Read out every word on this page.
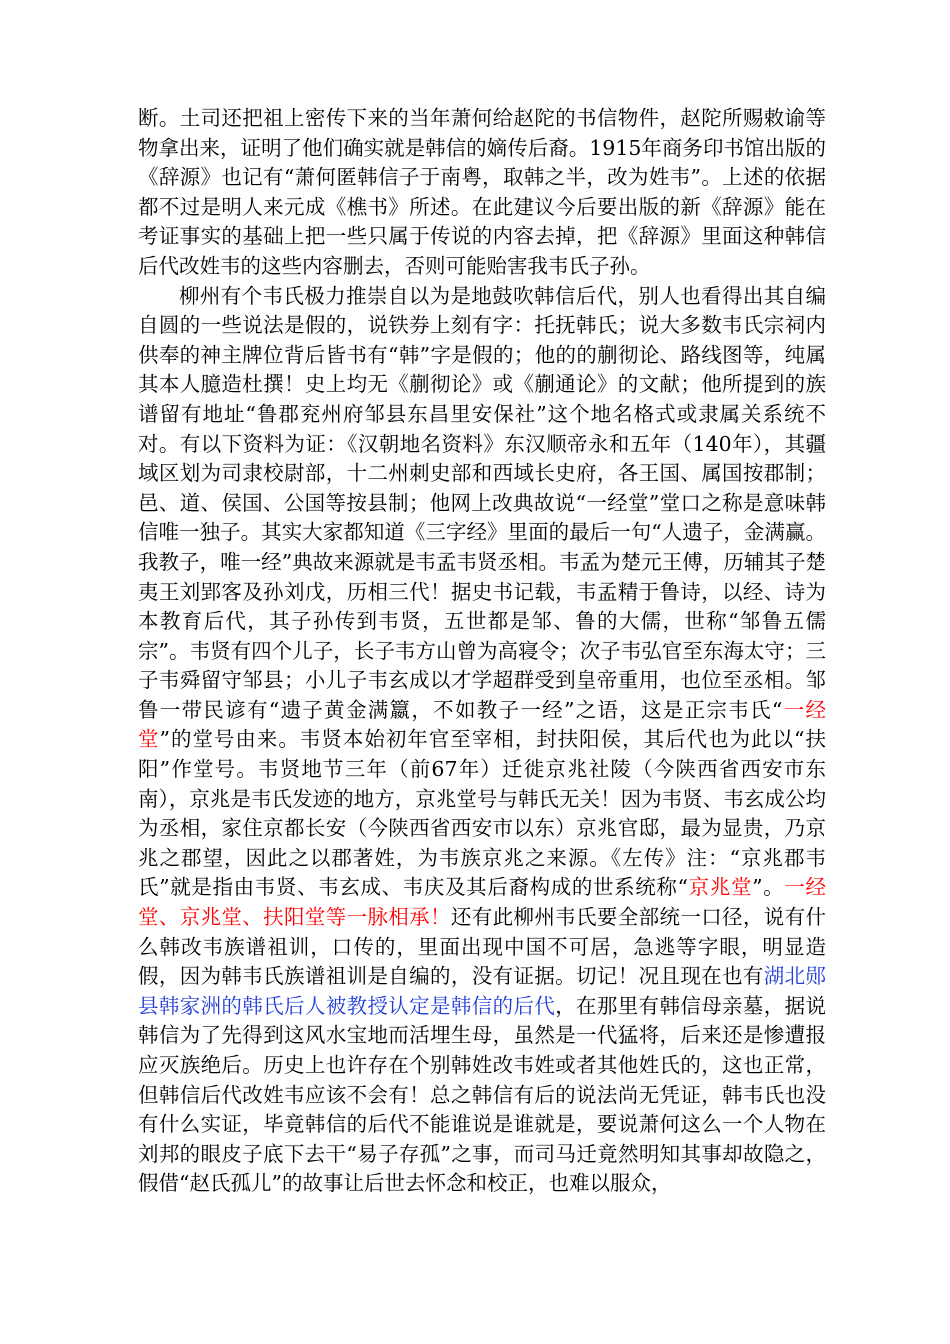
断。土司还把祖上密传下来的当年萧何给赵陀的书信物件，赵陀所赐敕谕等物拿出来，证明了他们确实就是韩信的嫡传后裔。1915年商务印书馆出版的《辞源》也记有“萧何匿韩信子于南粤，取韩之半，改为姓韦”。上述的依据都不过是明人来元成《樵书》所述。在此建议今后要出版的新《辞源》能在考证事实的基础上把一些只属于传说的内容去掉，把《辞源》里面这种韩信后代改姓韦的这些内容删去，否则可能贻害我韦氏子孙。

柳州有个韦氏极力推崇自以为是地鼓吹韩信后代，别人也看得出其自编自圆的一些说法是假的，说铁券上刻有字：托抚韩氏；说大多数韦氏宗祠内供奉的神主牌位背后皆书有“韩”字是假的；他的的蒯彻论、路线图等，纯属其本人臆造杜撰！史上均无《蒯彻论》或《蒯通论》的文献；他所提到的族谱留有地址“鲁郡兖州府邹县东昌里安保社”这个地名格式或隶属关系统不对。有以下资料为证：《汉朝地名资料》东汉顺帝永和五年（140年），其疆域区划为司隶校尉部，十二州刺史部和西域长史府，各王国、属国按郡制；邑、道、侯国、公国等按县制；他网上改典故说“一经堂”堂口之称是意味韩信唯一独子。其实大家都知道《三字经》里面的最后一句“人遗子，金满赢。我教子，唯一经”典故来源就是韦孟韦贤丞相。韦孟为楚元王傅，历辅其子楚夷王刘郢客及孙刘戊，历相三代！据史书记载，韦孟精于鲁诗，以经、诗为本教育后代，其子孙传到韦贤，五世都是邹、鲁的大儒，世称“邹鲁五儒宗”。韦贤有四个儿子，长子韦方山曾为高寝令；次子韦弘官至东海太守；三子韦舜留守邹县；小儿子韦玄成以才学超群受到皇帝重用，也位至丞相。邹鲁一带民谚有“遗子黄金满籝，不如教子一经”之语，这是正宗韦氏“一经堂”的堂号由来。韦贤本始初年官至宰相，封扶阳侯，其后代也为此以“扶阳”作堂号。韦贤地节三年（前67年）迁徙京兆社陵（今陕西省西安市东南），京兆是韦氏发迹的地方，京兆堂号与韩氏无关！因为韦贤、韦玄成公均为丞相，家住京都长安（今陕西省西安市以东）京兆官邸，最为显贵，乃京兆之郡望，因此之以郡著姓，为韦族京兆之来源。《左传》注：“京兆郡韦氏”就是指由韦贤、韦玄成、韦庆及其后裔构成的世系统称“京兆堂”。一经堂、京兆堂、扶阳堂等一脉相承！还有此柳州韦氏要全部统一口径，说有什么韩改韦族谱祖训，口传的，里面出现中国不可居，急逃等字眼，明显造假，因为韩韦氏族谱祖训是自编的，没有证据。切记！况且现在也有湖北郧县韩家洲的韩氏后人被教授认定是韩信的后代，在那里有韩信母亲墓，据说韩信为了先得到这风水宝地而活埋生母，虽然是一代猛将，后来还是惨遭报应灭族绝后。历史上也许存在个别韩姓改韦姓或者其他姓氏的，这也正常，但韩信后代改姓韦应该不会有！总之韩信有后的说法尚无凭证，韩韦氏也没有什么实证，毕竟韩信的后代不能谁说是谁就是，要说萧何这么一个人物在刘邦的眼皮子底下去干“易子存孤”之事，而司马迁竟然明知其事却故隐之，假借“赵氏孤儿”的故事让后世去怀念和校正，也难以服众，
